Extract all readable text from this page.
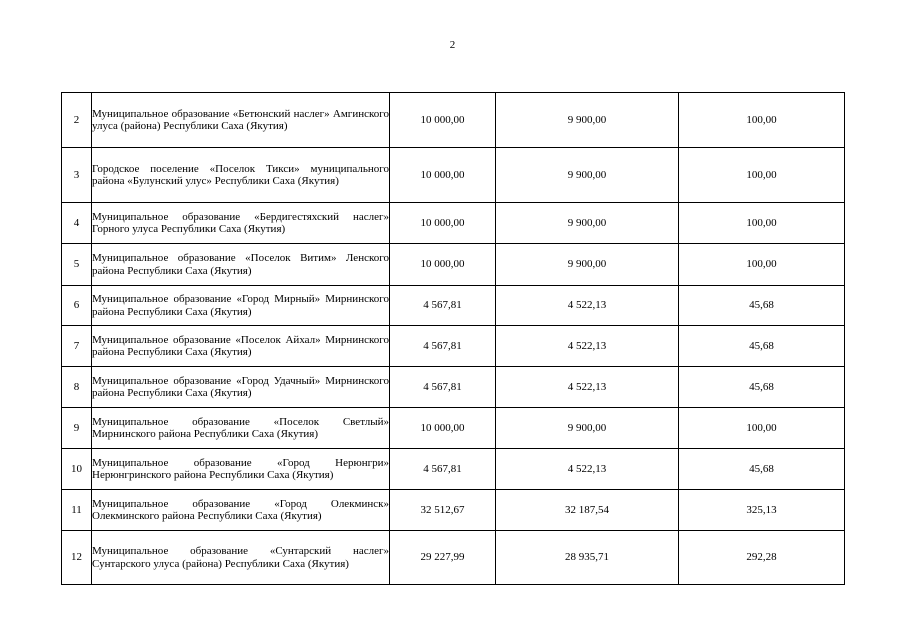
2
2	Муниципальное образование «Бетюнский наслег» Амгинского улуса (района) Республики Саха (Якутия)	10 000,00	9 900,00	100,00
3	Городское поселение «Поселок Тикси» муниципального района «Булунский улус» Республики Саха (Якутия)	10 000,00	9 900,00	100,00
4	Муниципальное образование «Бердигестяхский наслег» Горного улуса Республики Саха (Якутия)	10 000,00	9 900,00	100,00
5	Муниципальное образование «Поселок Витим» Ленского района Республики Саха (Якутия)	10 000,00	9 900,00	100,00
6	Муниципальное образование «Город Мирный» Мирнинского района Республики Саха (Якутия)	4 567,81	4 522,13	45,68
7	Муниципальное образование «Поселок Айхал» Мирнинского района Республики Саха (Якутия)	4 567,81	4 522,13	45,68
8	Муниципальное образование «Город Удачный» Мирнинского района Республики Саха (Якутия)	4 567,81	4 522,13	45,68
9	Муниципальное образование «Поселок Светлый» Мирнинского района Республики Саха (Якутия)	10 000,00	9 900,00	100,00
10	Муниципальное образование «Город Нерюнгри» Нерюнгринского района Республики Саха (Якутия)	4 567,81	4 522,13	45,68
11	Муниципальное образование «Город Олекминск» Олекминского района Республики Саха (Якутия)	32 512,67	32 187,54	325,13
12	Муниципальное образование «Сунтарский наслег» Сунтарского улуса (района) Республики Саха (Якутия)	29 227,99	28 935,71	292,28
